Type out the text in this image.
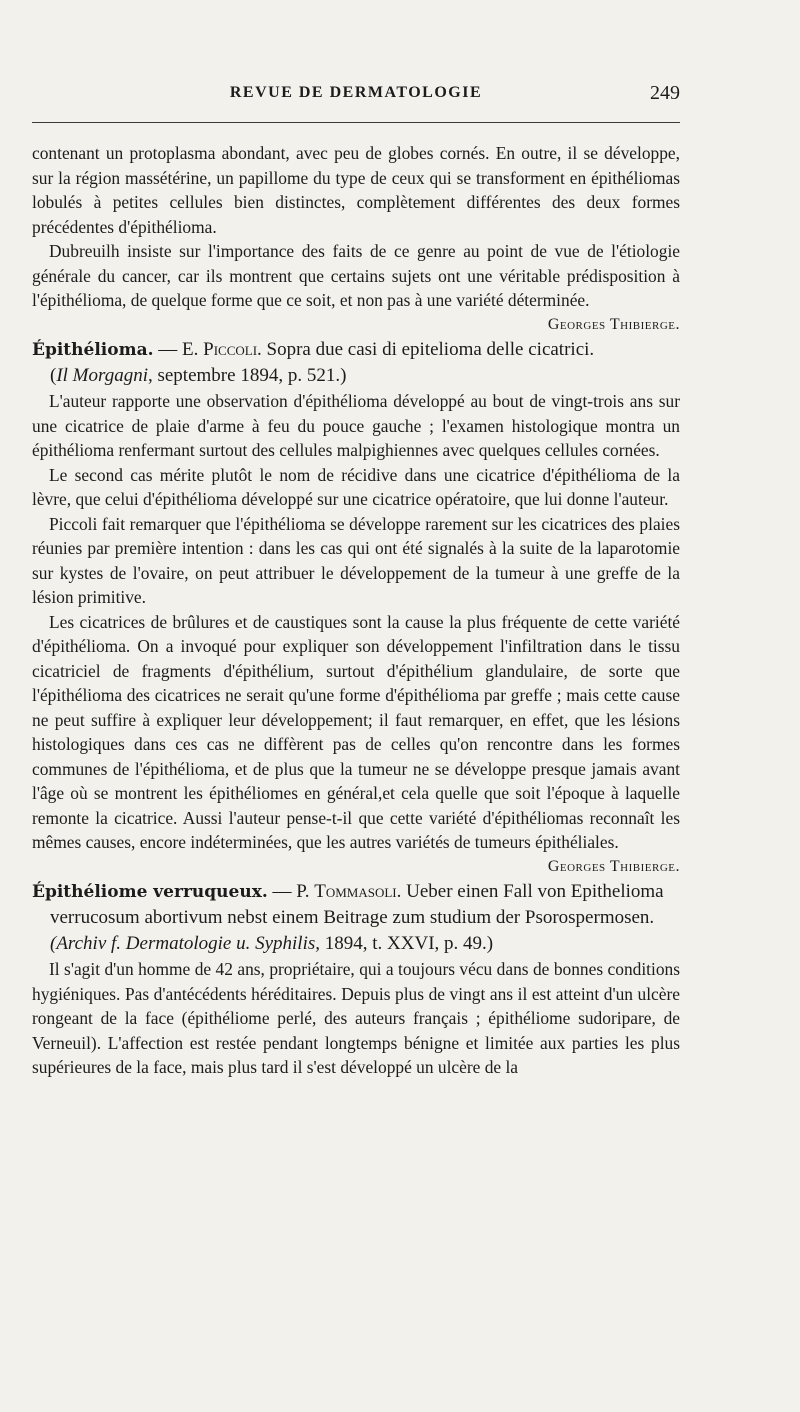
REVUE DE DERMATOLOGIE	249

contenant un protoplasma abondant, avec peu de globes cornés. En outre, il se développe, sur la région massétérine, un papillome du type de ceux qui se transforment en épithéliomas lobulés à petites cellules bien distinctes, complètement différentes des deux formes précédentes d'épithélioma.

Dubreuilh insiste sur l'importance des faits de ce genre au point de vue de l'étiologie générale du cancer, car ils montrent que certains sujets ont une véritable prédisposition à l'épithélioma, de quelque forme que ce soit, et non pas à une variété déterminée.
Georges Thibierge.

Épithélioma. — E. Piccoli. Sopra due casi di epitelioma delle cicatrici.
(Il Morgagni, septembre 1894, p. 521.)

L'auteur rapporte une observation d'épithélioma développé au bout de vingt-trois ans sur une cicatrice de plaie d'arme à feu du pouce gauche ; l'examen histologique montra un épithélioma renfermant surtout des cellules malpighiennes avec quelques cellules cornées.

Le second cas mérite plutôt le nom de récidive dans une cicatrice d'épithélioma de la lèvre, que celui d'épithélioma développé sur une cicatrice opératoire, que lui donne l'auteur.

Piccoli fait remarquer que l'épithélioma se développe rarement sur les cicatrices des plaies réunies par première intention : dans les cas qui ont été signalés à la suite de la laparotomie sur kystes de l'ovaire, on peut attribuer le développement de la tumeur à une greffe de la lésion primitive.

Les cicatrices de brûlures et de caustiques sont la cause la plus fréquente de cette variété d'épithélioma. On a invoqué pour expliquer son développement l'infiltration dans le tissu cicatriciel de fragments d'épithélium, surtout d'épithélium glandulaire, de sorte que l'épithélioma des cicatrices ne serait qu'une forme d'épithélioma par greffe ; mais cette cause ne peut suffire à expliquer leur développement; il faut remarquer, en effet, que les lésions histologiques dans ces cas ne diffèrent pas de celles qu'on rencontre dans les formes communes de l'épithélioma, et de plus que la tumeur ne se développe presque jamais avant l'âge où se montrent les épithéliomes en général,et cela quelle que soit l'époque à laquelle remonte la cicatrice. Aussi l'auteur pense-t-il que cette variété d'épithéliomas reconnaît les mêmes causes, encore indéterminées, que les autres variétés de tumeurs épithéliales.
Georges Thibierge.

Épithéliome verruqueux. — P. Tommasoli. Ueber einen Fall von Epithelioma verrucosum abortivum nebst einem Beitrage zum studium der Psorospermosen. (Archiv f. Dermatologie u. Syphilis, 1894, t. XXVI, p. 49.)

Il s'agit d'un homme de 42 ans, propriétaire, qui a toujours vécu dans de bonnes conditions hygiéniques. Pas d'antécédents héréditaires. Depuis plus de vingt ans il est atteint d'un ulcère rongeant de la face (épithéliome perlé, des auteurs français ; épithéliome sudoripare, de Verneuil). L'affection est restée pendant longtemps bénigne et limitée aux parties les plus supérieures de la face, mais plus tard il s'est développé un ulcère de la
